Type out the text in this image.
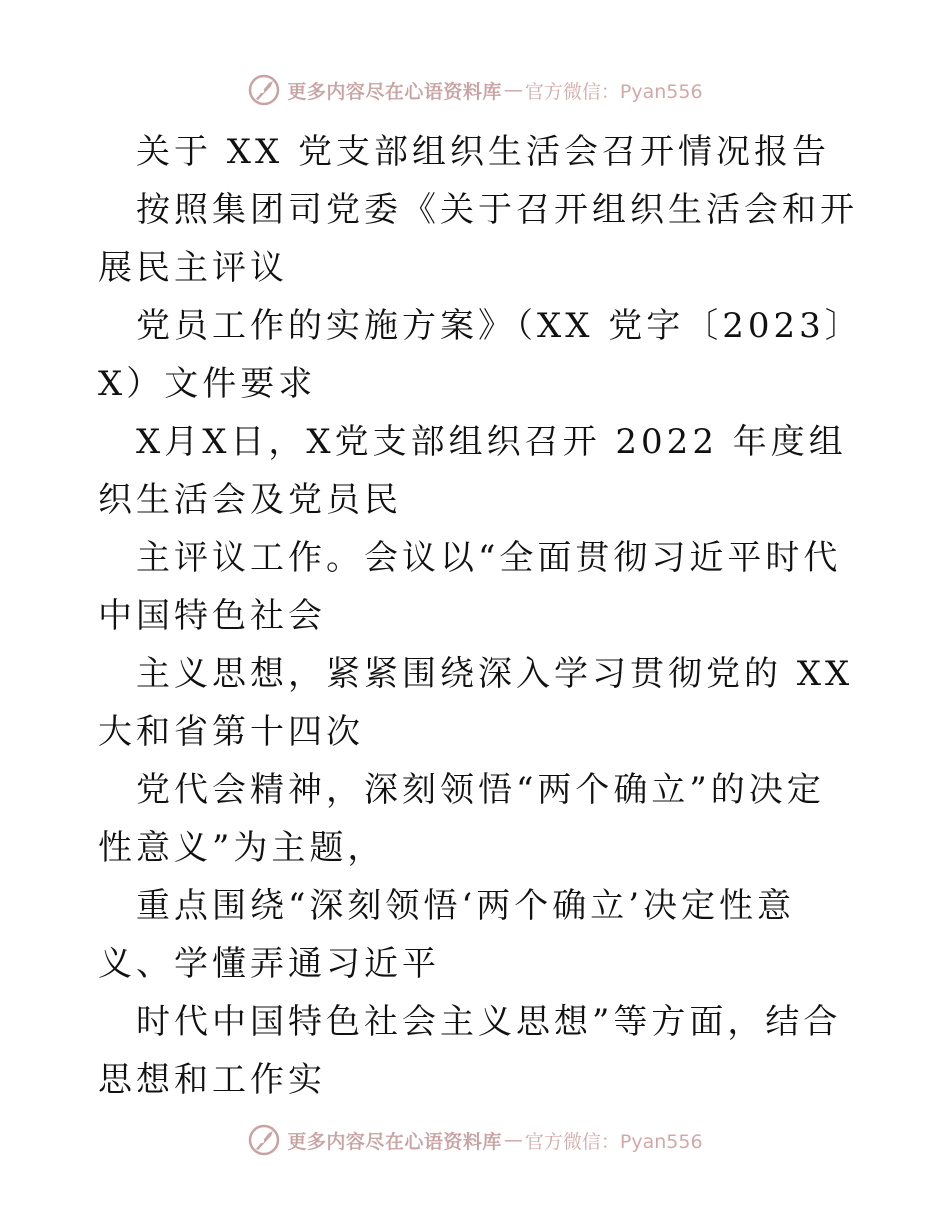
更多内容尽在心语资料库 — 官方微信：Pyan556

关于 XX 党支部组织生活会召开情况报告

按照集团司党委《关于召开组织生活会和开展民主评议

党员工作的实施方案》（XX 党字〔2023〕X）文件要求

X月X日，X党支部组织召开 2022 年度组织生活会及党员民

主评议工作。会议以“全面贯彻习近平时代中国特色社会

主义思想，紧紧围绕深入学习贯彻党的 XX 大和省第十四次

党代会精神，深刻领悟“两个确立”的决定性意义”为主题，

重点围绕“深刻领悟‘两个确立’决定性意义、学懂弄通习近平

时代中国特色社会主义思想”等方面，结合思想和工作实

更多内容尽在心语资料库 — 官方微信：Pyan556
